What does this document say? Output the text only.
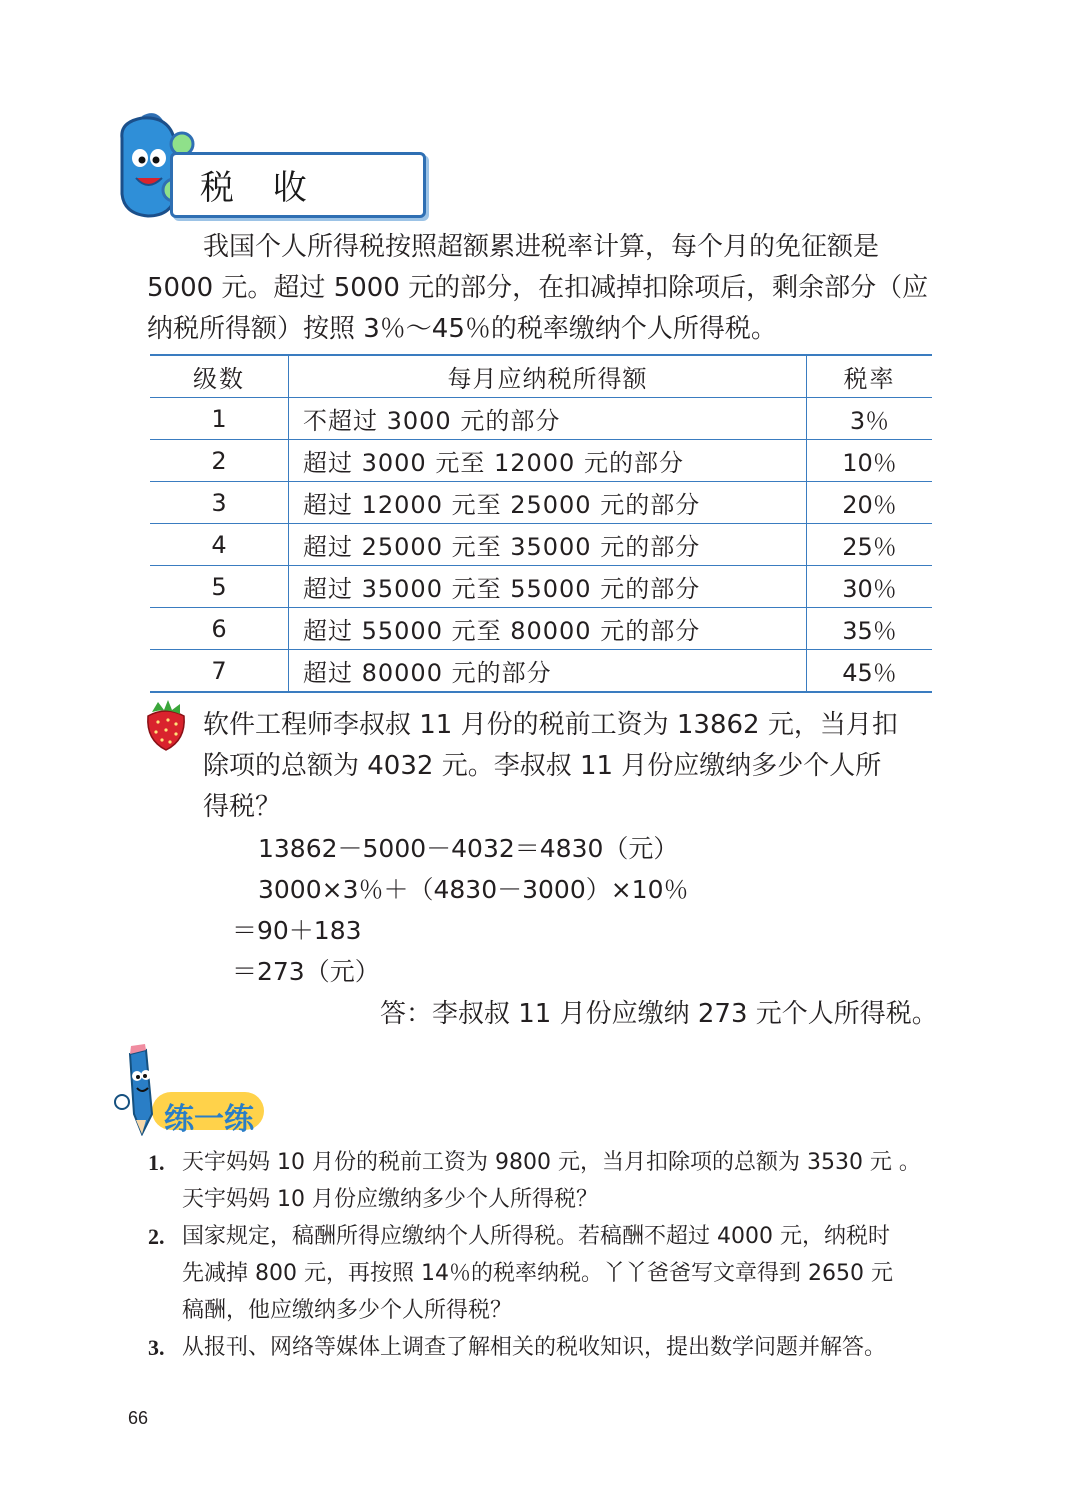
税 收
我国个人所得税按照超额累进税率计算，每个月的免征额是
5000 元。超过 5000 元的部分，在扣减掉扣除项后，剩余部分（应
纳税所得额）按照 3％～45％的税率缴纳个人所得税。
级数	每月应纳税所得额	税率
1	不超过 3000 元的部分	3％
2	超过 3000 元至 12000 元的部分	10％
3	超过 12000 元至 25000 元的部分	20％
4	超过 25000 元至 35000 元的部分	25％
5	超过 35000 元至 55000 元的部分	30％
6	超过 55000 元至 80000 元的部分	35％
7	超过 80000 元的部分	45％
软件工程师李叔叔 11 月份的税前工资为 13862 元，当月扣
除项的总额为 4032 元。李叔叔 11 月份应缴纳多少个人所
得税？
13862－5000－4032＝4830（元）
3000×3％＋（4830－3000）×10％
＝90＋183
＝273（元）
答：李叔叔 11 月份应缴纳 273 元个人所得税。
练一练
1. 天宇妈妈 10 月份的税前工资为 9800 元，当月扣除项的总额为 3530 元 。
天宇妈妈 10 月份应缴纳多少个人所得税？
2. 国家规定，稿酬所得应缴纳个人所得税。若稿酬不超过 4000 元，纳税时
先减掉 800 元，再按照 14％的税率纳税。丫丫爸爸写文章得到 2650 元
稿酬，他应缴纳多少个人所得税？
3. 从报刊、网络等媒体上调查了解相关的税收知识，提出数学问题并解答。
66
